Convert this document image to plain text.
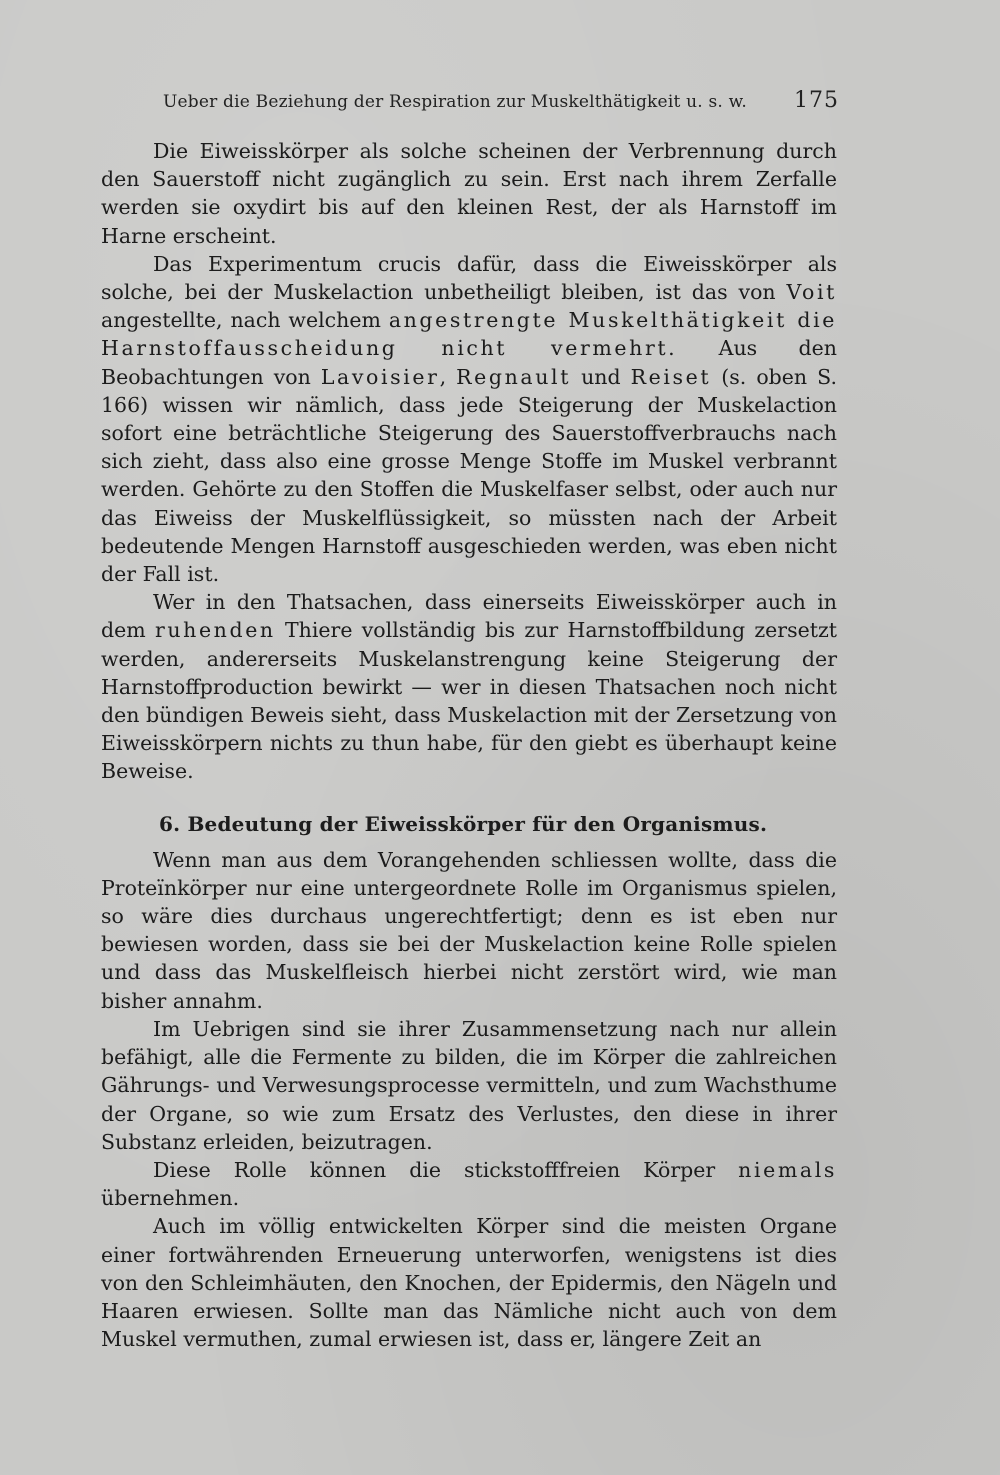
Ueber die Beziehung der Respiration zur Muskelthätigkeit u. s. w. 175

Die Eiweisskörper als solche scheinen der Verbrennung durch den Sauerstoff nicht zugänglich zu sein. Erst nach ihrem Zerfalle werden sie oxydirt bis auf den kleinen Rest, der als Harnstoff im Harne erscheint.

Das Experimentum crucis dafür, dass die Eiweisskörper als solche, bei der Muskelaction unbetheiligt bleiben, ist das von Voit angestellte, nach welchem angestrengte Muskelthätigkeit die Harnstoffausscheidung nicht vermehrt. Aus den Beobachtungen von Lavoisier, Regnault und Reiset (s. oben S. 166) wissen wir nämlich, dass jede Steigerung der Muskelaction sofort eine beträchtliche Steigerung des Sauerstoffverbrauchs nach sich zieht, dass also eine grosse Menge Stoffe im Muskel verbrannt werden. Gehörte zu den Stoffen die Muskelfaser selbst, oder auch nur das Eiweiss der Muskelflüssigkeit, so müssten nach der Arbeit bedeutende Mengen Harnstoff ausgeschieden werden, was eben nicht der Fall ist.

Wer in den Thatsachen, dass einerseits Eiweisskörper auch in dem ruhenden Thiere vollständig bis zur Harnstoffbildung zersetzt werden, andererseits Muskelanstrengung keine Steigerung der Harnstoffproduction bewirkt — wer in diesen Thatsachen noch nicht den bündigen Beweis sieht, dass Muskelaction mit der Zersetzung von Eiweisskörpern nichts zu thun habe, für den giebt es überhaupt keine Beweise.

6. Bedeutung der Eiweisskörper für den Organismus.

Wenn man aus dem Vorangehenden schliessen wollte, dass die Proteïnkörper nur eine untergeordnete Rolle im Organismus spielen, so wäre dies durchaus ungerechtfertigt; denn es ist eben nur bewiesen worden, dass sie bei der Muskelaction keine Rolle spielen und dass das Muskelfleisch hierbei nicht zerstört wird, wie man bisher annahm.

Im Uebrigen sind sie ihrer Zusammensetzung nach nur allein befähigt, alle die Fermente zu bilden, die im Körper die zahlreichen Gährungs- und Verwesungsprocesse vermitteln, und zum Wachsthume der Organe, so wie zum Ersatz des Verlustes, den diese in ihrer Substanz erleiden, beizutragen.

Diese Rolle können die stickstofffreien Körper niemals übernehmen.

Auch im völlig entwickelten Körper sind die meisten Organe einer fortwährenden Erneuerung unterworfen, wenigstens ist dies von den Schleimhäuten, den Knochen, der Epidermis, den Nägeln und Haaren erwiesen. Sollte man das Nämliche nicht auch von dem Muskel vermuthen, zumal erwiesen ist, dass er, längere Zeit an
